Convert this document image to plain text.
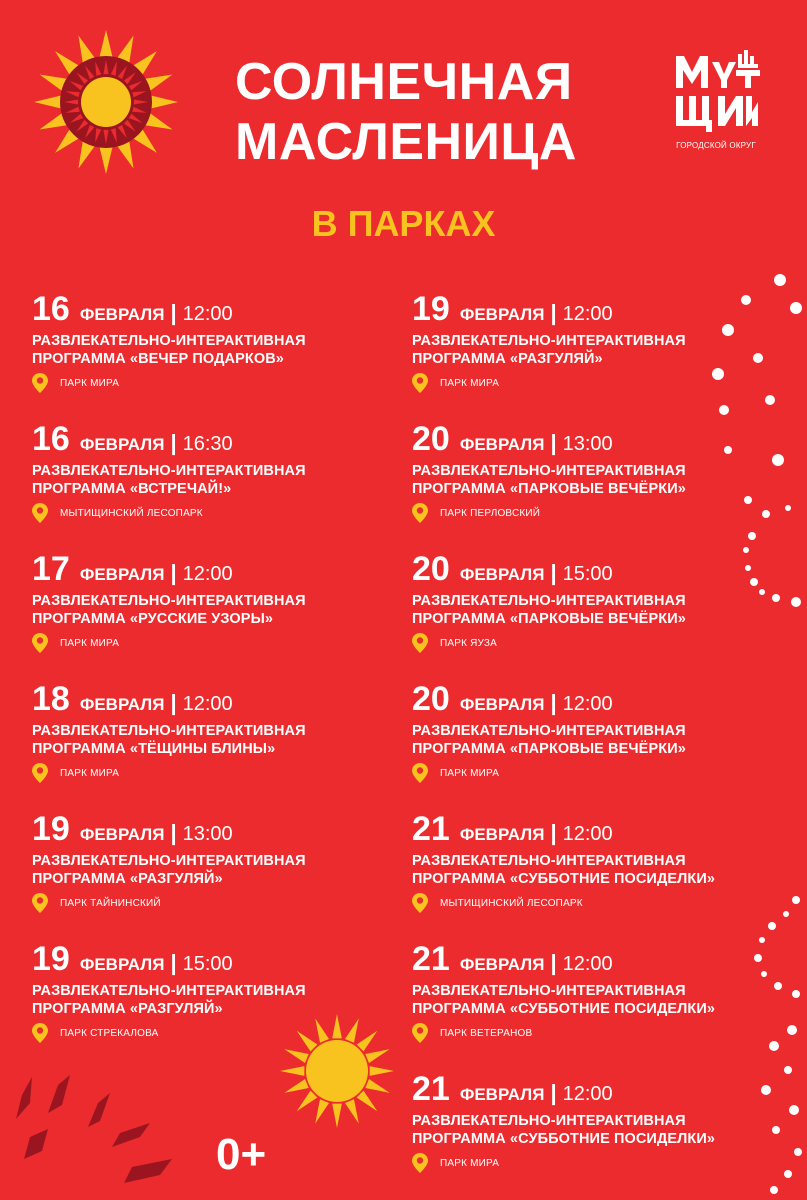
СОЛНЕЧНАЯ
МАСЛЕНИЦА	ГОРОДСКОЙ ОКРУГ
В ПАРКАХ
16 ФЕВРАЛЯ | 12:00
РАЗВЛЕКАТЕЛЬНО-ИНТЕРАКТИВНАЯ
ПРОГРАММА «ВЕЧЕР ПОДАРКОВ»
ПАРК МИРА
16 ФЕВРАЛЯ | 16:30
РАЗВЛЕКАТЕЛЬНО-ИНТЕРАКТИВНАЯ
ПРОГРАММА «ВСТРЕЧАЙ!»
МЫТИЩИНСКИЙ ЛЕСОПАРК
17 ФЕВРАЛЯ | 12:00
РАЗВЛЕКАТЕЛЬНО-ИНТЕРАКТИВНАЯ
ПРОГРАММА «РУССКИЕ УЗОРЫ»
ПАРК МИРА
18 ФЕВРАЛЯ | 12:00
РАЗВЛЕКАТЕЛЬНО-ИНТЕРАКТИВНАЯ
ПРОГРАММА «ТЁЩИНЫ БЛИНЫ»
ПАРК МИРА
19 ФЕВРАЛЯ | 13:00
РАЗВЛЕКАТЕЛЬНО-ИНТЕРАКТИВНАЯ
ПРОГРАММА «РАЗГУЛЯЙ»
ПАРК ТАЙНИНСКИЙ
19 ФЕВРАЛЯ | 15:00
РАЗВЛЕКАТЕЛЬНО-ИНТЕРАКТИВНАЯ
ПРОГРАММА «РАЗГУЛЯЙ»
ПАРК СТРЕКАЛОВА
19 ФЕВРАЛЯ | 12:00
РАЗВЛЕКАТЕЛЬНО-ИНТЕРАКТИВНАЯ
ПРОГРАММА «РАЗГУЛЯЙ»
ПАРК МИРА
20 ФЕВРАЛЯ | 13:00
РАЗВЛЕКАТЕЛЬНО-ИНТЕРАКТИВНАЯ
ПРОГРАММА «ПАРКОВЫЕ ВЕЧЁРКИ»
ПАРК ПЕРЛОВСКИЙ
20 ФЕВРАЛЯ | 15:00
РАЗВЛЕКАТЕЛЬНО-ИНТЕРАКТИВНАЯ
ПРОГРАММА «ПАРКОВЫЕ ВЕЧЁРКИ»
ПАРК ЯУЗА
20 ФЕВРАЛЯ | 12:00
РАЗВЛЕКАТЕЛЬНО-ИНТЕРАКТИВНАЯ
ПРОГРАММА «ПАРКОВЫЕ ВЕЧЁРКИ»
ПАРК МИРА
21 ФЕВРАЛЯ | 12:00
РАЗВЛЕКАТЕЛЬНО-ИНТЕРАКТИВНАЯ
ПРОГРАММА «СУББОТНИЕ ПОСИДЕЛКИ»
МЫТИЩИНСКИЙ ЛЕСОПАРК
21 ФЕВРАЛЯ | 12:00
РАЗВЛЕКАТЕЛЬНО-ИНТЕРАКТИВНАЯ
ПРОГРАММА «СУББОТНИЕ ПОСИДЕЛКИ»
ПАРК ВЕТЕРАНОВ
21 ФЕВРАЛЯ | 12:00
РАЗВЛЕКАТЕЛЬНО-ИНТЕРАКТИВНАЯ
ПРОГРАММА «СУББОТНИЕ ПОСИДЕЛКИ»
ПАРК МИРА
0+
